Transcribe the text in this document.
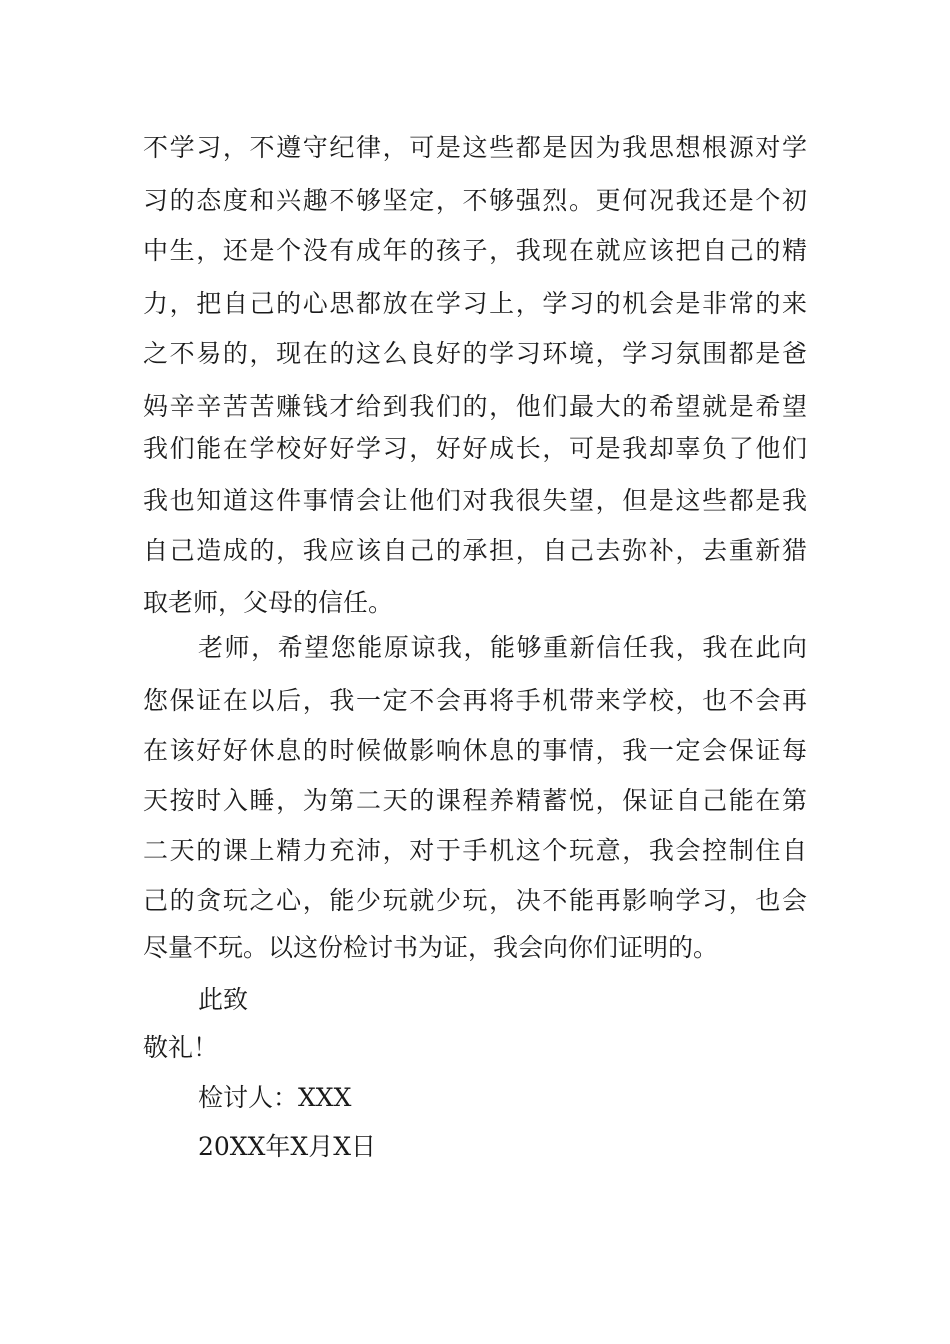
不学习，不遵守纪律，可是这些都是因为我思想根源对学
习的态度和兴趣不够坚定，不够强烈。更何况我还是个初
中生，还是个没有成年的孩子，我现在就应该把自己的精
力，把自己的心思都放在学习上，学习的机会是非常的来
之不易的，现在的这么良好的学习环境，学习氛围都是爸
妈辛辛苦苦赚钱才给到我们的，他们最大的希望就是希望
我们能在学校好好学习，好好成长，可是我却辜负了他们
我也知道这件事情会让他们对我很失望，但是这些都是我
自己造成的，我应该自己的承担，自己去弥补，去重新猎
取老师，父母的信任。
老师，希望您能原谅我，能够重新信任我，我在此向
您保证在以后，我一定不会再将手机带来学校，也不会再
在该好好休息的时候做影响休息的事情，我一定会保证每
天按时入睡，为第二天的课程养精蓄悦，保证自己能在第
二天的课上精力充沛，对于手机这个玩意，我会控制住自
己的贪玩之心，能少玩就少玩，决不能再影响学习，也会
尽量不玩。以这份检讨书为证，我会向你们证明的。
此致
敬礼！
检讨人：XXX
20XX年X月X日
